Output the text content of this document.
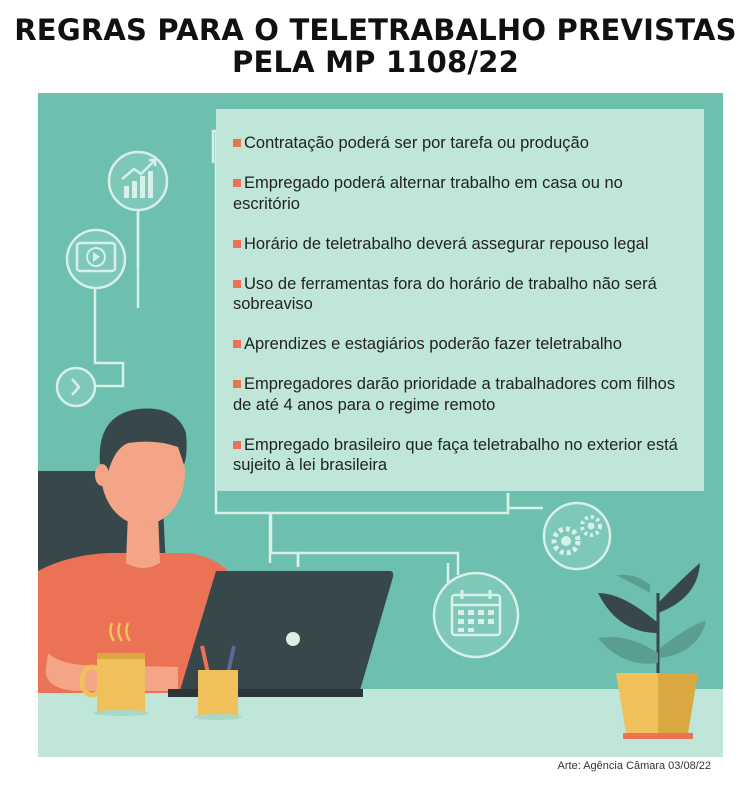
REGRAS PARA O TELETRABALHO PREVISTAS
PELA MP 1108/22
Contratação poderá ser por tarefa ou produção
Empregado poderá alternar trabalho em casa ou no escritório
Horário de teletrabalho deverá assegurar repouso legal
Uso de ferramentas fora do horário de trabalho não será sobreaviso
Aprendizes e estagiários poderão fazer teletrabalho
Empregadores darão prioridade a trabalhadores com filhos de até 4 anos para o regime remoto
Empregado brasileiro que faça teletrabalho no exterior está sujeito à lei brasileira
Arte: Agência Câmara 03/08/22
